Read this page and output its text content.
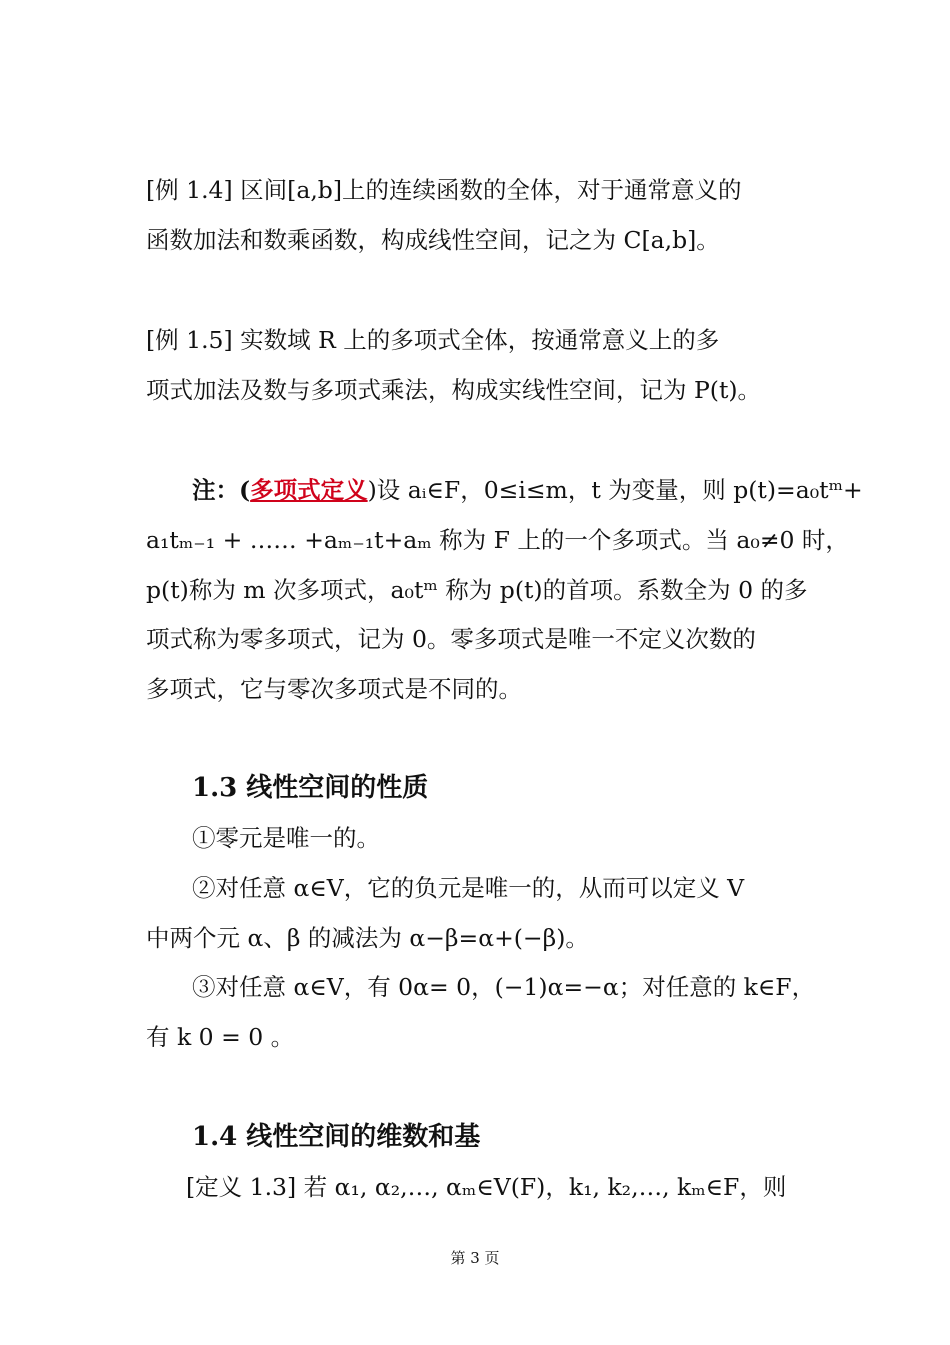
[例 1.4] 区间[a,b]上的连续函数的全体，对于通常意义的
函数加法和数乘函数，构成线性空间，记之为 C[a,b]。
[例 1.5] 实数域 R 上的多项式全体，按通常意义上的多
项式加法及数与多项式乘法，构成实线性空间，记为 P(t)。
注：(多项式定义)设 aᵢ∈F，0≤i≤m，t 为变量，则 p(t)=a₀tᵐ+
a₁tₘ₋₁ + …… +aₘ₋₁t+aₘ 称为 F 上的一个多项式。当 a₀≠0 时，
p(t)称为 m 次多项式，a₀tᵐ 称为 p(t)的首项。系数全为 0 的多
项式称为零多项式，记为 0。零多项式是唯一不定义次数的
多项式，它与零次多项式是不同的。
1.3 线性空间的性质
①零元是唯一的。
②对任意 α∈V，它的负元是唯一的，从而可以定义 V
中两个元 α、β 的减法为 α−β=α+(−β)。
③对任意 α∈V，有 0α= 0，(−1)α=−α；对任意的 k∈F，
有 k 0 = 0 。
1.4 线性空间的维数和基
[定义 1.3] 若 α₁, α₂,…, αₘ∈V(F)，k₁, k₂,…, kₘ∈F，则
第 3 页
